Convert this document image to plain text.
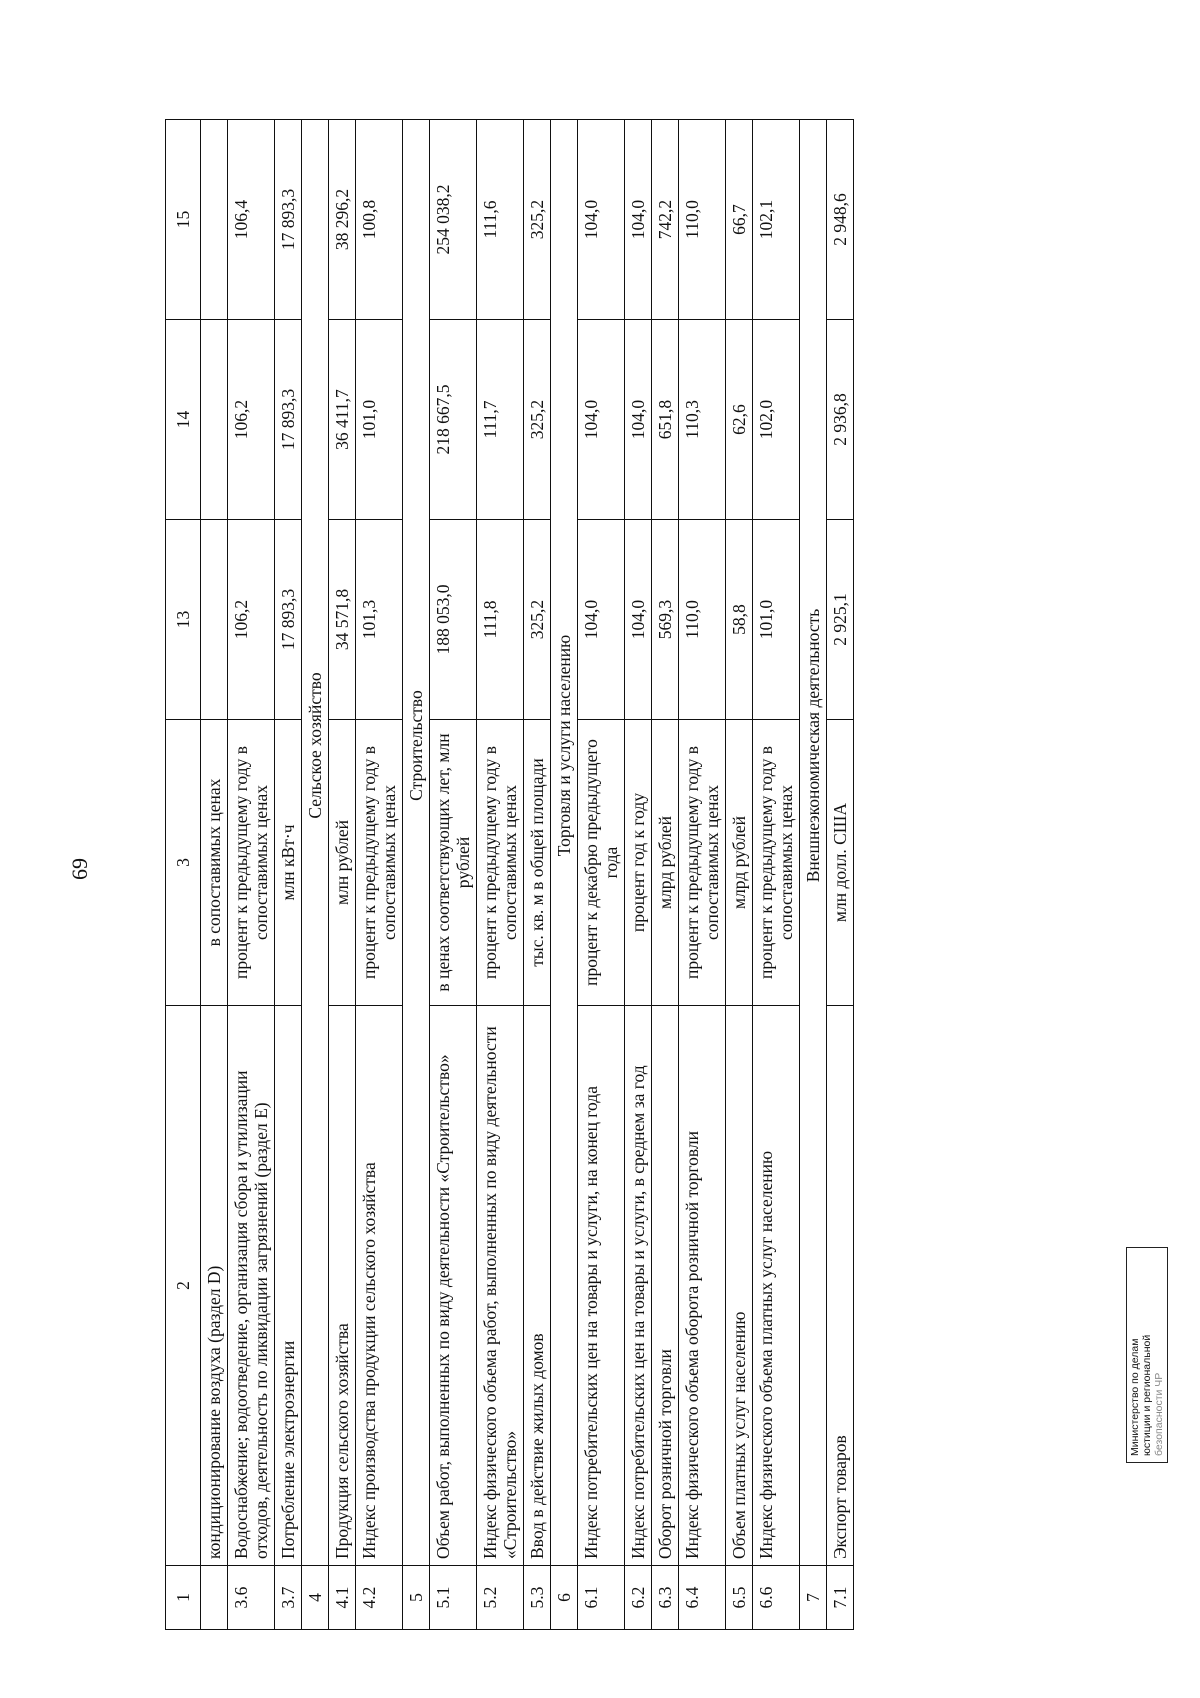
69
1	2	3	13	14	15
	кондиционирование воздуха (раздел D)	в сопоставимых ценах			
3.6	Водоснабжение; водоотведение, организация сбора и утилизации отходов, деятельность по ликвидации загрязнений (раздел Е)	процент к предыдущему году в сопоставимых ценах	106,2	106,2	106,4
3.7	Потребление электроэнергии	млн кВт·ч	17 893,3	17 893,3	17 893,3
4	Сельское хозяйство				
4.1	Продукция сельского хозяйства	млн рублей	34 571,8	36 411,7	38 296,2
4.2	Индекс производства продукции сельского хозяйства	процент к предыдущему году в сопоставимых ценах	101,3	101,0	100,8
5	Строительство				
5.1	Объем работ, выполненных по виду деятельности «Строительство»	в ценах соответствующих лет, млн рублей	188 053,0	218 667,5	254 038,2
5.2	Индекс физического объема работ, выполненных по виду деятельности «Строительство»	процент к предыдущему году в сопоставимых ценах	111,8	111,7	111,6
5.3	Ввод в действие жилых домов	тыс. кв. м в общей площади	325,2	325,2	325,2
6	Торговля и услуги населению				
6.1	Индекс потребительских цен на товары и услуги, на конец года	процент к декабрю предыдущего года	104,0	104,0	104,0
6.2	Индекс потребительских цен на товары и услуги, в среднем за год	процент год к году	104,0	104,0	104,0
6.3	Оборот розничной торговли	млрд рублей	569,3	651,8	742,2
6.4	Индекс физического объема оборота розничной торговли	процент к предыдущему году в сопоставимых ценах	110,0	110,3	110,0
6.5	Объем платных услуг населению	млрд рублей	58,8	62,6	66,7
6.6	Индекс физического объема платных услуг населению	процент к предыдущему году в сопоставимых ценах	101,0	102,0	102,1
7	Внешнеэкономическая деятельность				
7.1	Экспорт товаров	млн долл. США	2 925,1	2 936,8	2 948,6
Министерство по делам юстиции и региональной безопасности ЧР
